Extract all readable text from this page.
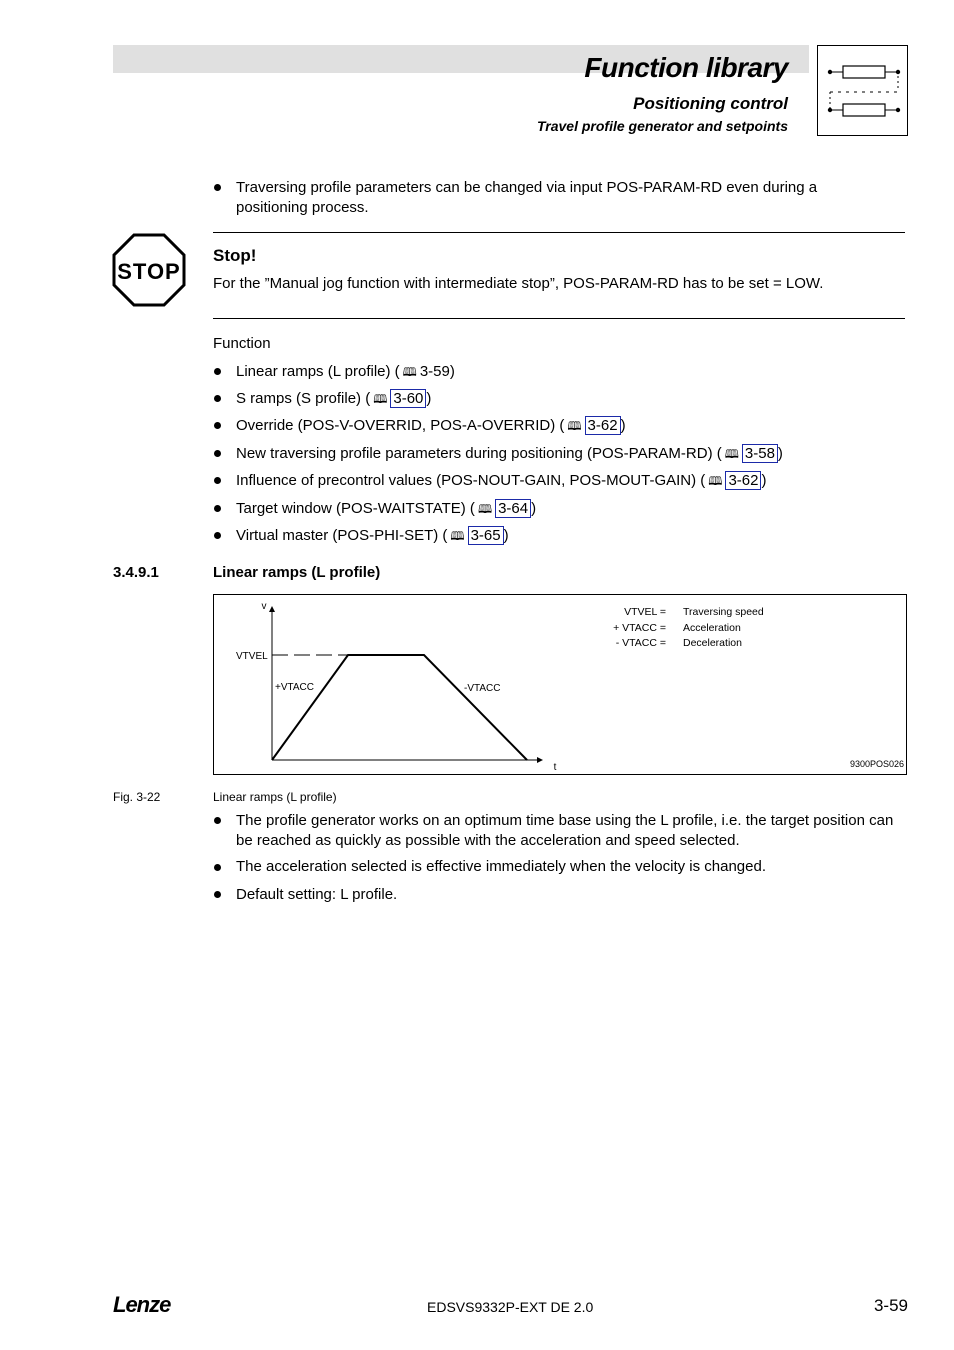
Function library
Positioning control
Travel profile generator and setpoints
Traversing profile parameters can be changed via input POS-PARAM-RD even during a positioning process.
STOP
Stop!
For the ”Manual jog function with intermediate stop”, POS-PARAM-RD has to be set = LOW.
Function
Linear ramps (L profile) ( 🕮 3-59)
S ramps (S profile) ( 🕮 3-60 )
Override (POS-V-OVERRID, POS-A-OVERRID) ( 🕮 3-62 )
New traversing profile parameters during positioning (POS-PARAM-RD) ( 🕮 3-58 )
Influence of precontrol values (POS-NOUT-GAIN, POS-MOUT-GAIN) ( 🕮 3-62 )
Target window (POS-WAITSTATE) ( 🕮 3-64 )
Virtual master (POS-PHI-SET) ( 🕮 3-65 )
3.4.9.1	Linear ramps (L profile)
v
t
VTVEL
+VTACC	-VTACC
VTVEL = Traversing speed
+ VTACC = Acceleration
- VTACC = Deceleration
9300POS026
Fig. 3-22	Linear ramps (L profile)
The profile generator works on an optimum time base using the L profile, i.e. the target position can be reached as quickly as possible with the acceleration and speed selected.
The acceleration selected is effective immediately when the velocity is changed.
Default setting: L profile.
Lenze	EDSVS9332P-EXT DE 2.0	3-59
